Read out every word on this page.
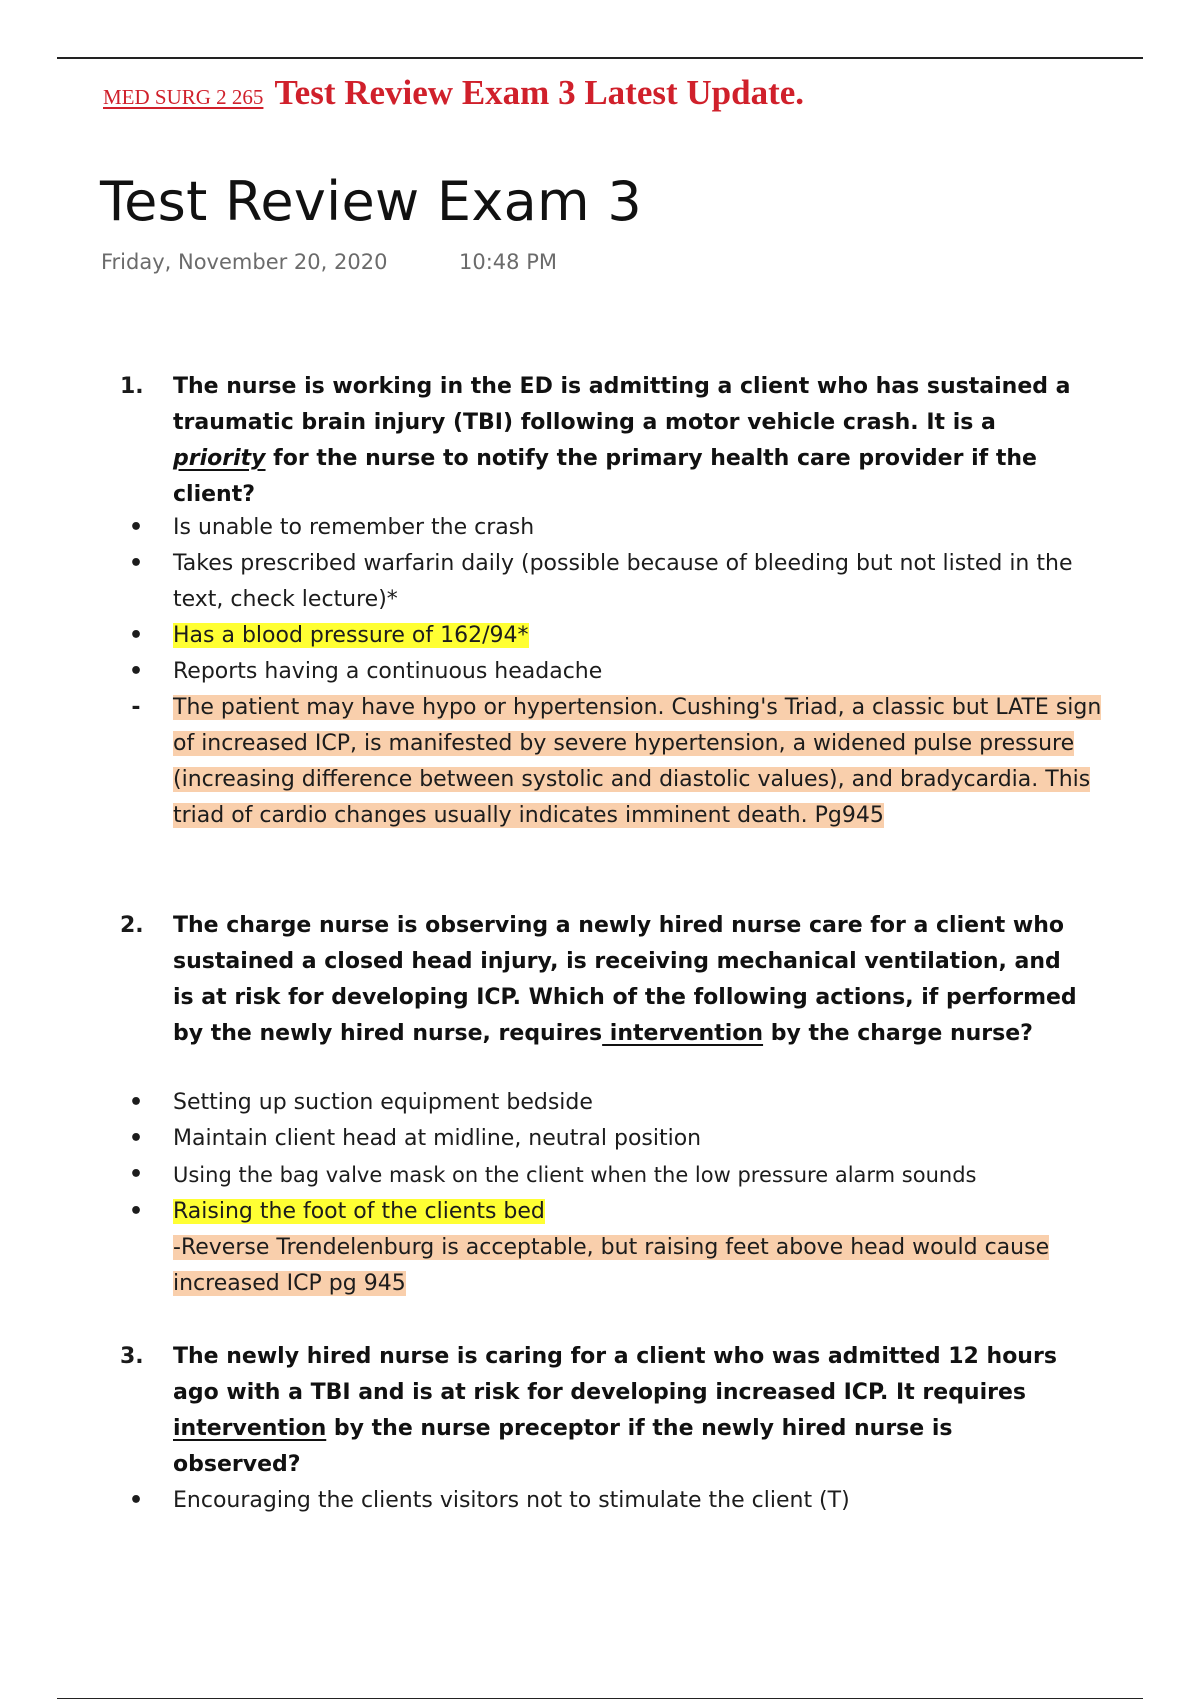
MED SURG 2 265 Test Review Exam 3 Latest Update.
Test Review Exam 3
Friday, November 20, 2020	10:48 PM
1.	The nurse is working in the ED is admitting a client who has sustained a traumatic brain injury (TBI) following a motor vehicle crash. It is a priority for the nurse to notify the primary health care provider if the client?
• Is unable to remember the crash
• Takes prescribed warfarin daily (possible because of bleeding but not listed in the text, check lecture)*
• Has a blood pressure of 162/94*
• Reports having a continuous headache
- The patient may have hypo or hypertension. Cushing's Triad, a classic but LATE sign of increased ICP, is manifested by severe hypertension, a widened pulse pressure (increasing difference between systolic and diastolic values), and bradycardia. This triad of cardio changes usually indicates imminent death. Pg945
2.	The charge nurse is observing a newly hired nurse care for a client who sustained a closed head injury, is receiving mechanical ventilation, and is at risk for developing ICP. Which of the following actions, if performed by the newly hired nurse, requires intervention by the charge nurse?
• Setting up suction equipment bedside
• Maintain client head at midline, neutral position
• Using the bag valve mask on the client when the low pressure alarm sounds
• Raising the foot of the clients bed
-Reverse Trendelenburg is acceptable, but raising feet above head would cause increased ICP pg 945
3.	The newly hired nurse is caring for a client who was admitted 12 hours ago with a TBI and is at risk for developing increased ICP. It requires intervention by the nurse preceptor if the newly hired nurse is observed?
• Encouraging the clients visitors not to stimulate the client (T)
